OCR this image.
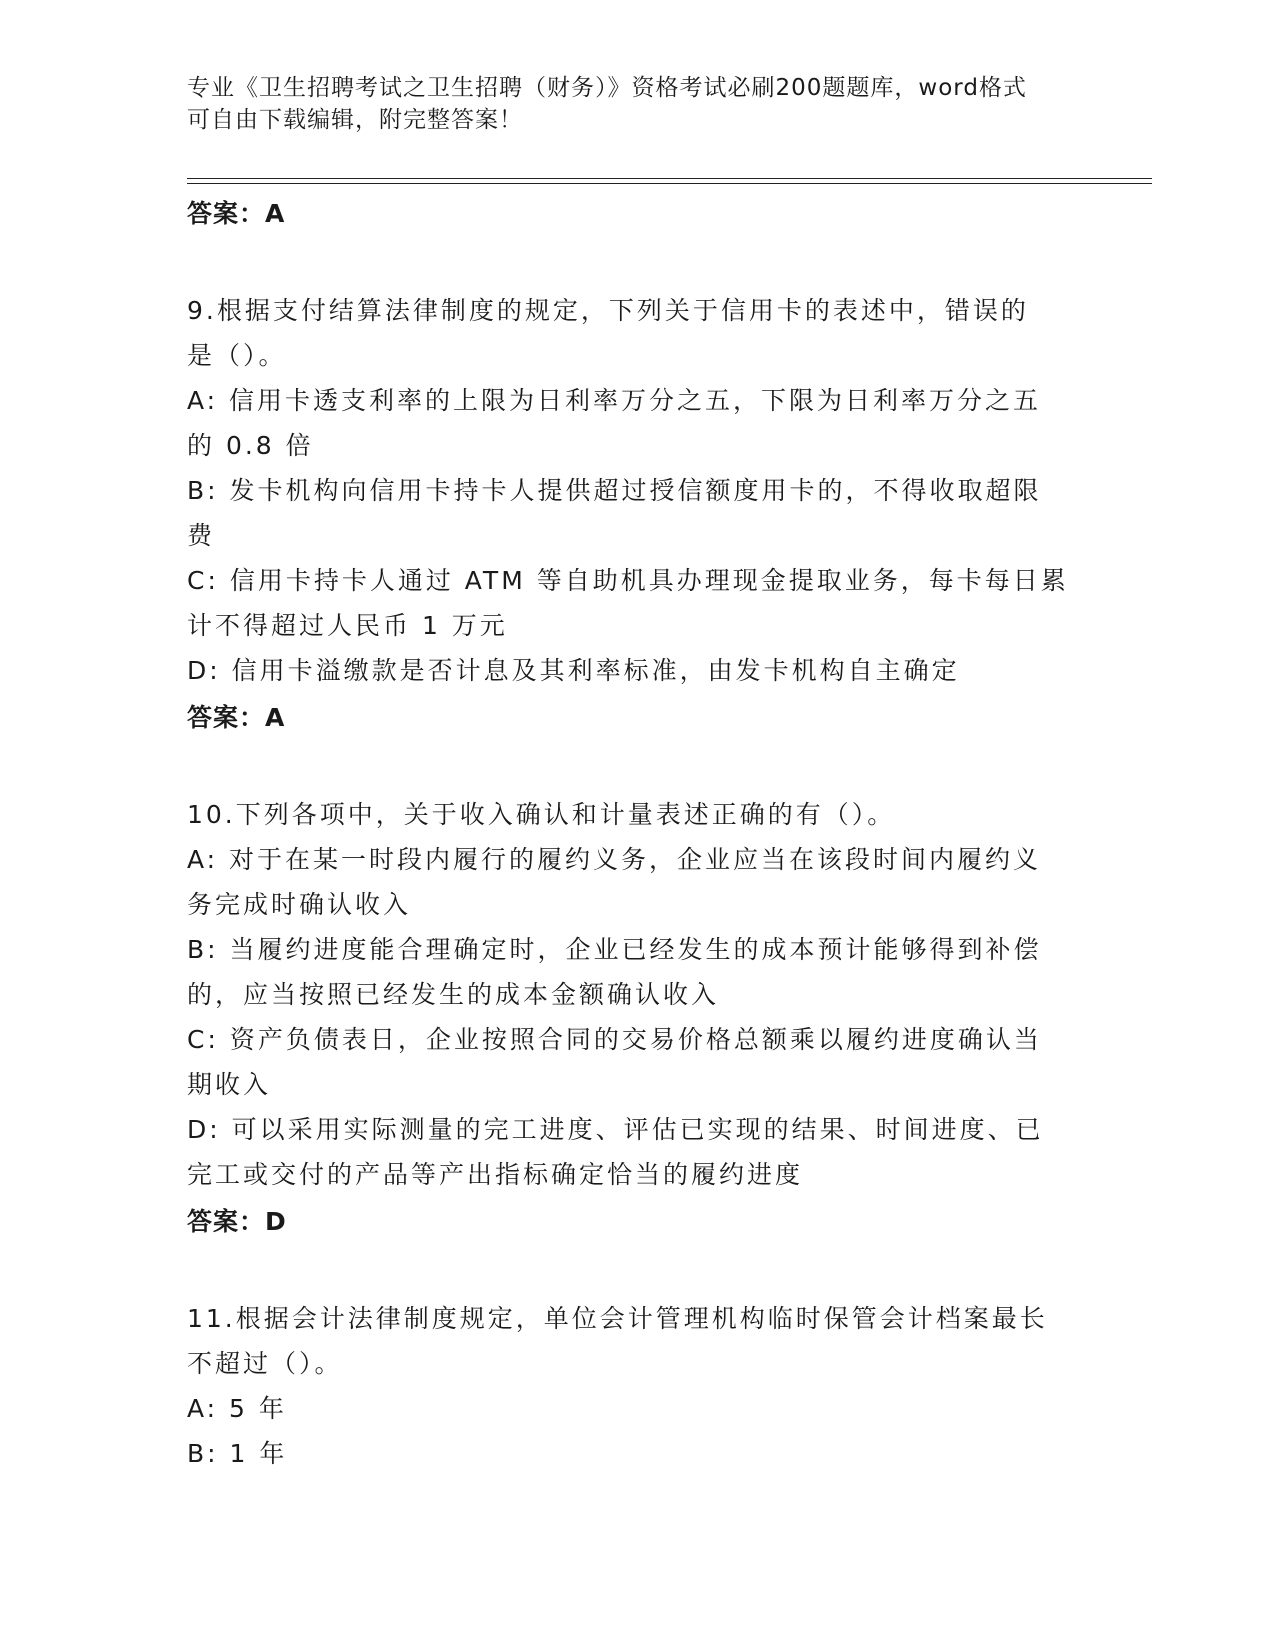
专业《卫生招聘考试之卫生招聘（财务）》资格考试必刷200题题库，word格式
可自由下载编辑，附完整答案！
答案：A
9.根据支付结算法律制度的规定，下列关于信用卡的表述中，错误的
是（）。
A: 信用卡透支利率的上限为日利率万分之五，下限为日利率万分之五
的 0.8 倍
B: 发卡机构向信用卡持卡人提供超过授信额度用卡的，不得收取超限
费
C: 信用卡持卡人通过 ATM 等自助机具办理现金提取业务，每卡每日累
计不得超过人民币 1 万元
D: 信用卡溢缴款是否计息及其利率标准，由发卡机构自主确定
答案：A
10.下列各项中，关于收入确认和计量表述正确的有（）。
A: 对于在某一时段内履行的履约义务，企业应当在该段时间内履约义
务完成时确认收入
B: 当履约进度能合理确定时，企业已经发生的成本预计能够得到补偿
的，应当按照已经发生的成本金额确认收入
C: 资产负债表日，企业按照合同的交易价格总额乘以履约进度确认当
期收入
D: 可以采用实际测量的完工进度、评估已实现的结果、时间进度、已
完工或交付的产品等产出指标确定恰当的履约进度
答案：D
11.根据会计法律制度规定，单位会计管理机构临时保管会计档案最长
不超过（）。
A: 5 年
B: 1 年
